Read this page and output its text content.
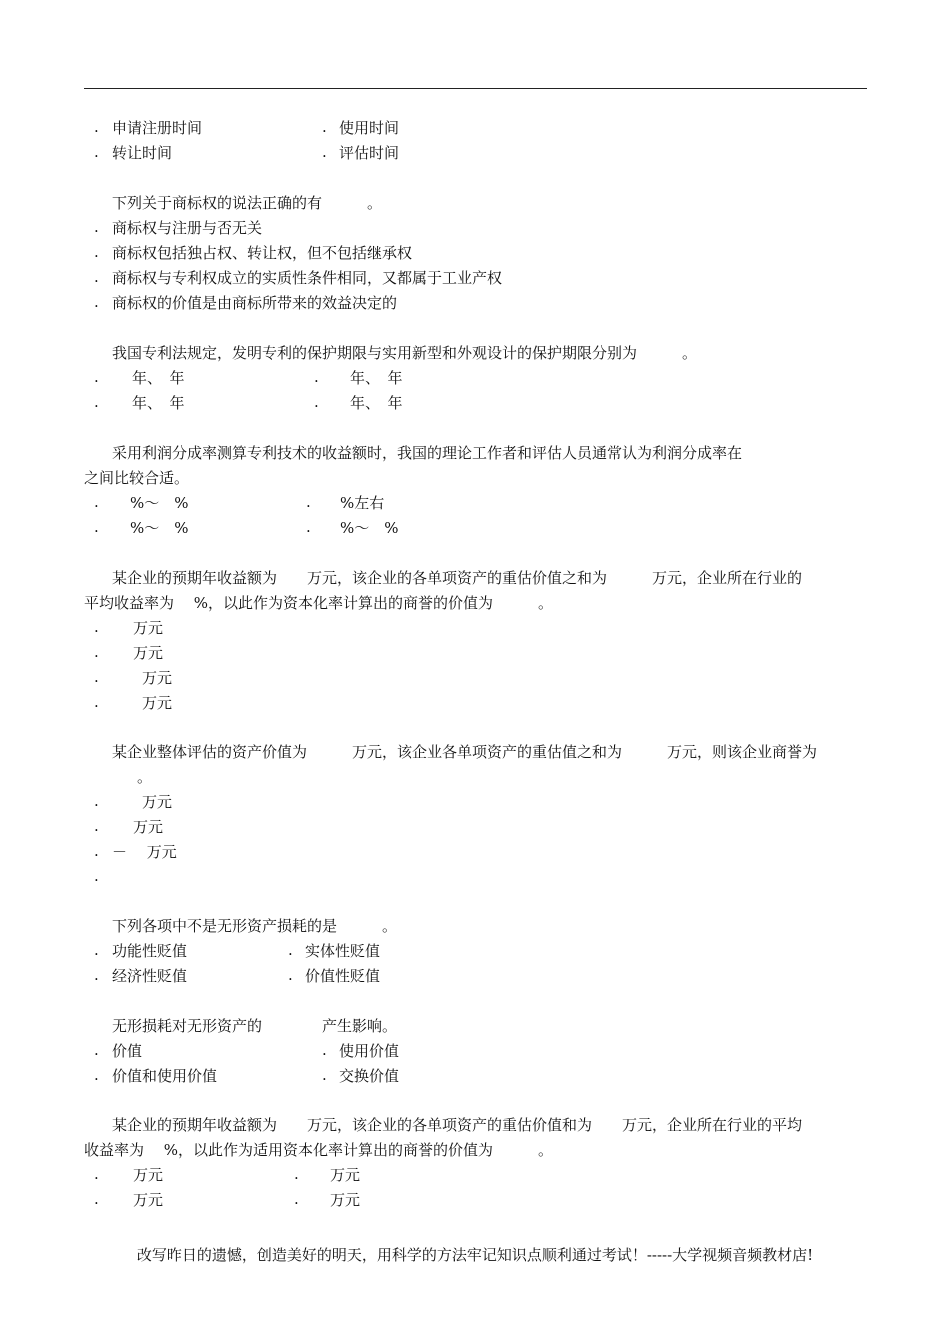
. 申请注册时间	. 使用时间
. 转让时间	. 评估时间
下列关于商标权的说法正确的有　　　。
. 商标权与注册与否无关
. 商标权包括独占权、转让权，但不包括继承权
. 商标权与专利权成立的实质性条件相同，又都属于工业产权
. 商标权的价值是由商标所带来的效益决定的
我国专利法规定，发明专利的保护期限与实用新型和外观设计的保护期限分别为　　　。
. 年、　年	. 年、　年
. 年、　年	. 年、　年
采用利润分成率测算专利技术的收益额时，我国的理论工作者和评估人员通常认为利润分成率在
之间比较合适。
. %～　%	. %左右
. %～　%	. %～　%
某企业的预期年收益额为　　万元，该企业的各单项资产的重估价值之和为　　　万元，企业所在行业的
平均收益率为　 %，以此作为资本化率计算出的商誉的价值为　　　。
. 万元
. 万元
.	万元
.	万元
某企业整体评估的资产价值为　　　万元，该企业各单项资产的重估值之和为　　　万元，则该企业商誉为
。
.	万元
. 万元
. －　 万元
.
下列各项中不是无形资产损耗的是　　　。
. 功能性贬值	. 实体性贬值
. 经济性贬值	. 价值性贬值
无形损耗对无形资产的　　　　产生影响。
. 价值	. 使用价值
. 价值和使用价值	. 交换价值
某企业的预期年收益额为　　万元，该企业的各单项资产的重估价值和为　　万元，企业所在行业的平均
收益率为　 %，以此作为适用资本化率计算出的商誉的价值为　　　。
. 万元	. 万元
. 万元	. 万元
改写昨日的遗憾，创造美好的明天，用科学的方法牢记知识点顺利通过考试！-----大学视频音频教材店!
